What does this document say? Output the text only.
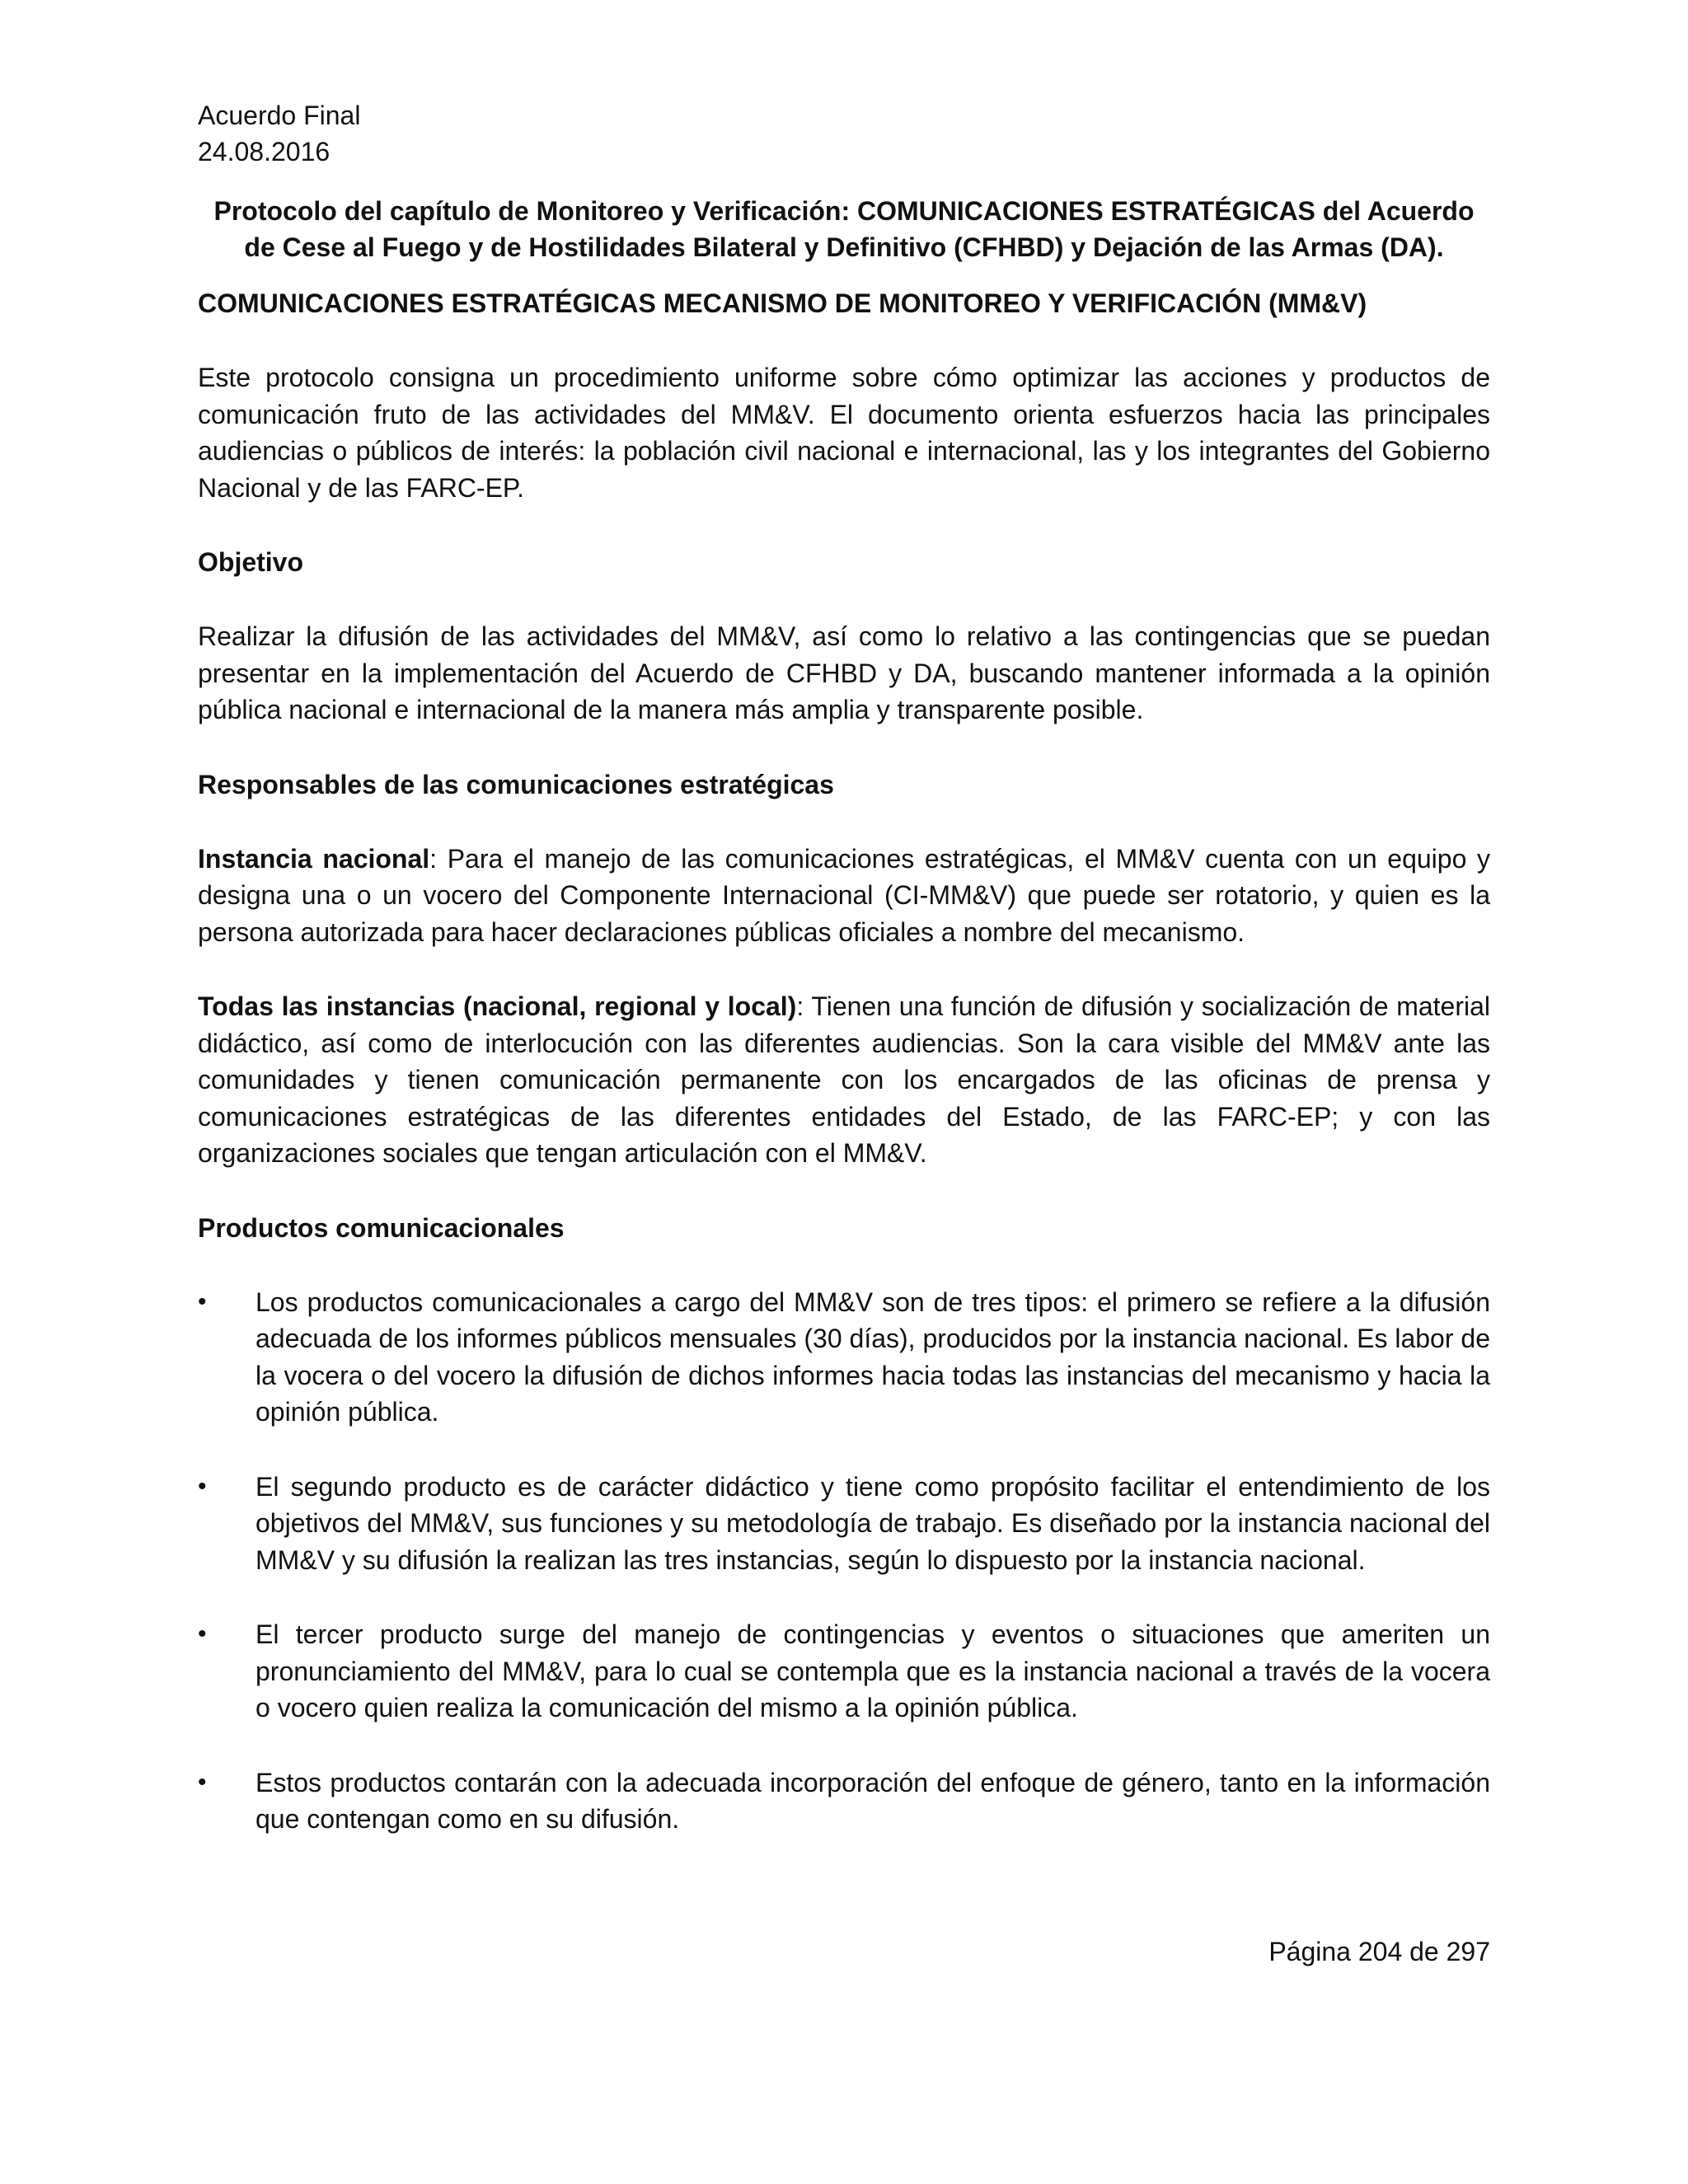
Acuerdo Final
24.08.2016
Protocolo del capítulo de Monitoreo y Verificación: COMUNICACIONES ESTRATÉGICAS del Acuerdo de Cese al Fuego y de Hostilidades Bilateral y Definitivo (CFHBD) y Dejación de las Armas (DA).
COMUNICACIONES ESTRATÉGICAS MECANISMO DE MONITOREO Y VERIFICACIÓN (MM&V)

Este protocolo consigna un procedimiento uniforme sobre cómo optimizar las acciones y productos de comunicación fruto de las actividades del MM&V. El documento orienta esfuerzos hacia las principales audiencias o públicos de interés: la población civil nacional e internacional, las y los integrantes del Gobierno Nacional y de las FARC-EP.

Objetivo

Realizar la difusión de las actividades del MM&V, así como lo relativo a las contingencias que se puedan presentar en la implementación del Acuerdo de CFHBD y DA, buscando mantener informada a la opinión pública nacional e internacional de la manera más amplia y transparente posible.

Responsables de las comunicaciones estratégicas

Instancia nacional: Para el manejo de las comunicaciones estratégicas, el MM&V cuenta con un equipo y designa una o un vocero del Componente Internacional (CI-MM&V) que puede ser rotatorio, y quien es la persona autorizada para hacer declaraciones públicas oficiales a nombre del mecanismo.

Todas las instancias (nacional, regional y local): Tienen una función de difusión y socialización de material didáctico, así como de interlocución con las diferentes audiencias. Son la cara visible del MM&V ante las comunidades y tienen comunicación permanente con los encargados de las oficinas de prensa y comunicaciones estratégicas de las diferentes entidades del Estado, de las FARC-EP; y con las organizaciones sociales que tengan articulación con el MM&V.

Productos comunicacionales
• Los productos comunicacionales a cargo del MM&V son de tres tipos: el primero se refiere a la difusión adecuada de los informes públicos mensuales (30 días), producidos por la instancia nacional. Es labor de la vocera o del vocero la difusión de dichos informes hacia todas las instancias del mecanismo y hacia la opinión pública.
• El segundo producto es de carácter didáctico y tiene como propósito facilitar el entendimiento de los objetivos del MM&V, sus funciones y su metodología de trabajo. Es diseñado por la instancia nacional del MM&V y su difusión la realizan las tres instancias, según lo dispuesto por la instancia nacional.
• El tercer producto surge del manejo de contingencias y eventos o situaciones que ameriten un pronunciamiento del MM&V, para lo cual se contempla que es la instancia nacional a través de la vocera o vocero quien realiza la comunicación del mismo a la opinión pública.
• Estos productos contarán con la adecuada incorporación del enfoque de género, tanto en la información que contengan como en su difusión.
Página 204 de 297
